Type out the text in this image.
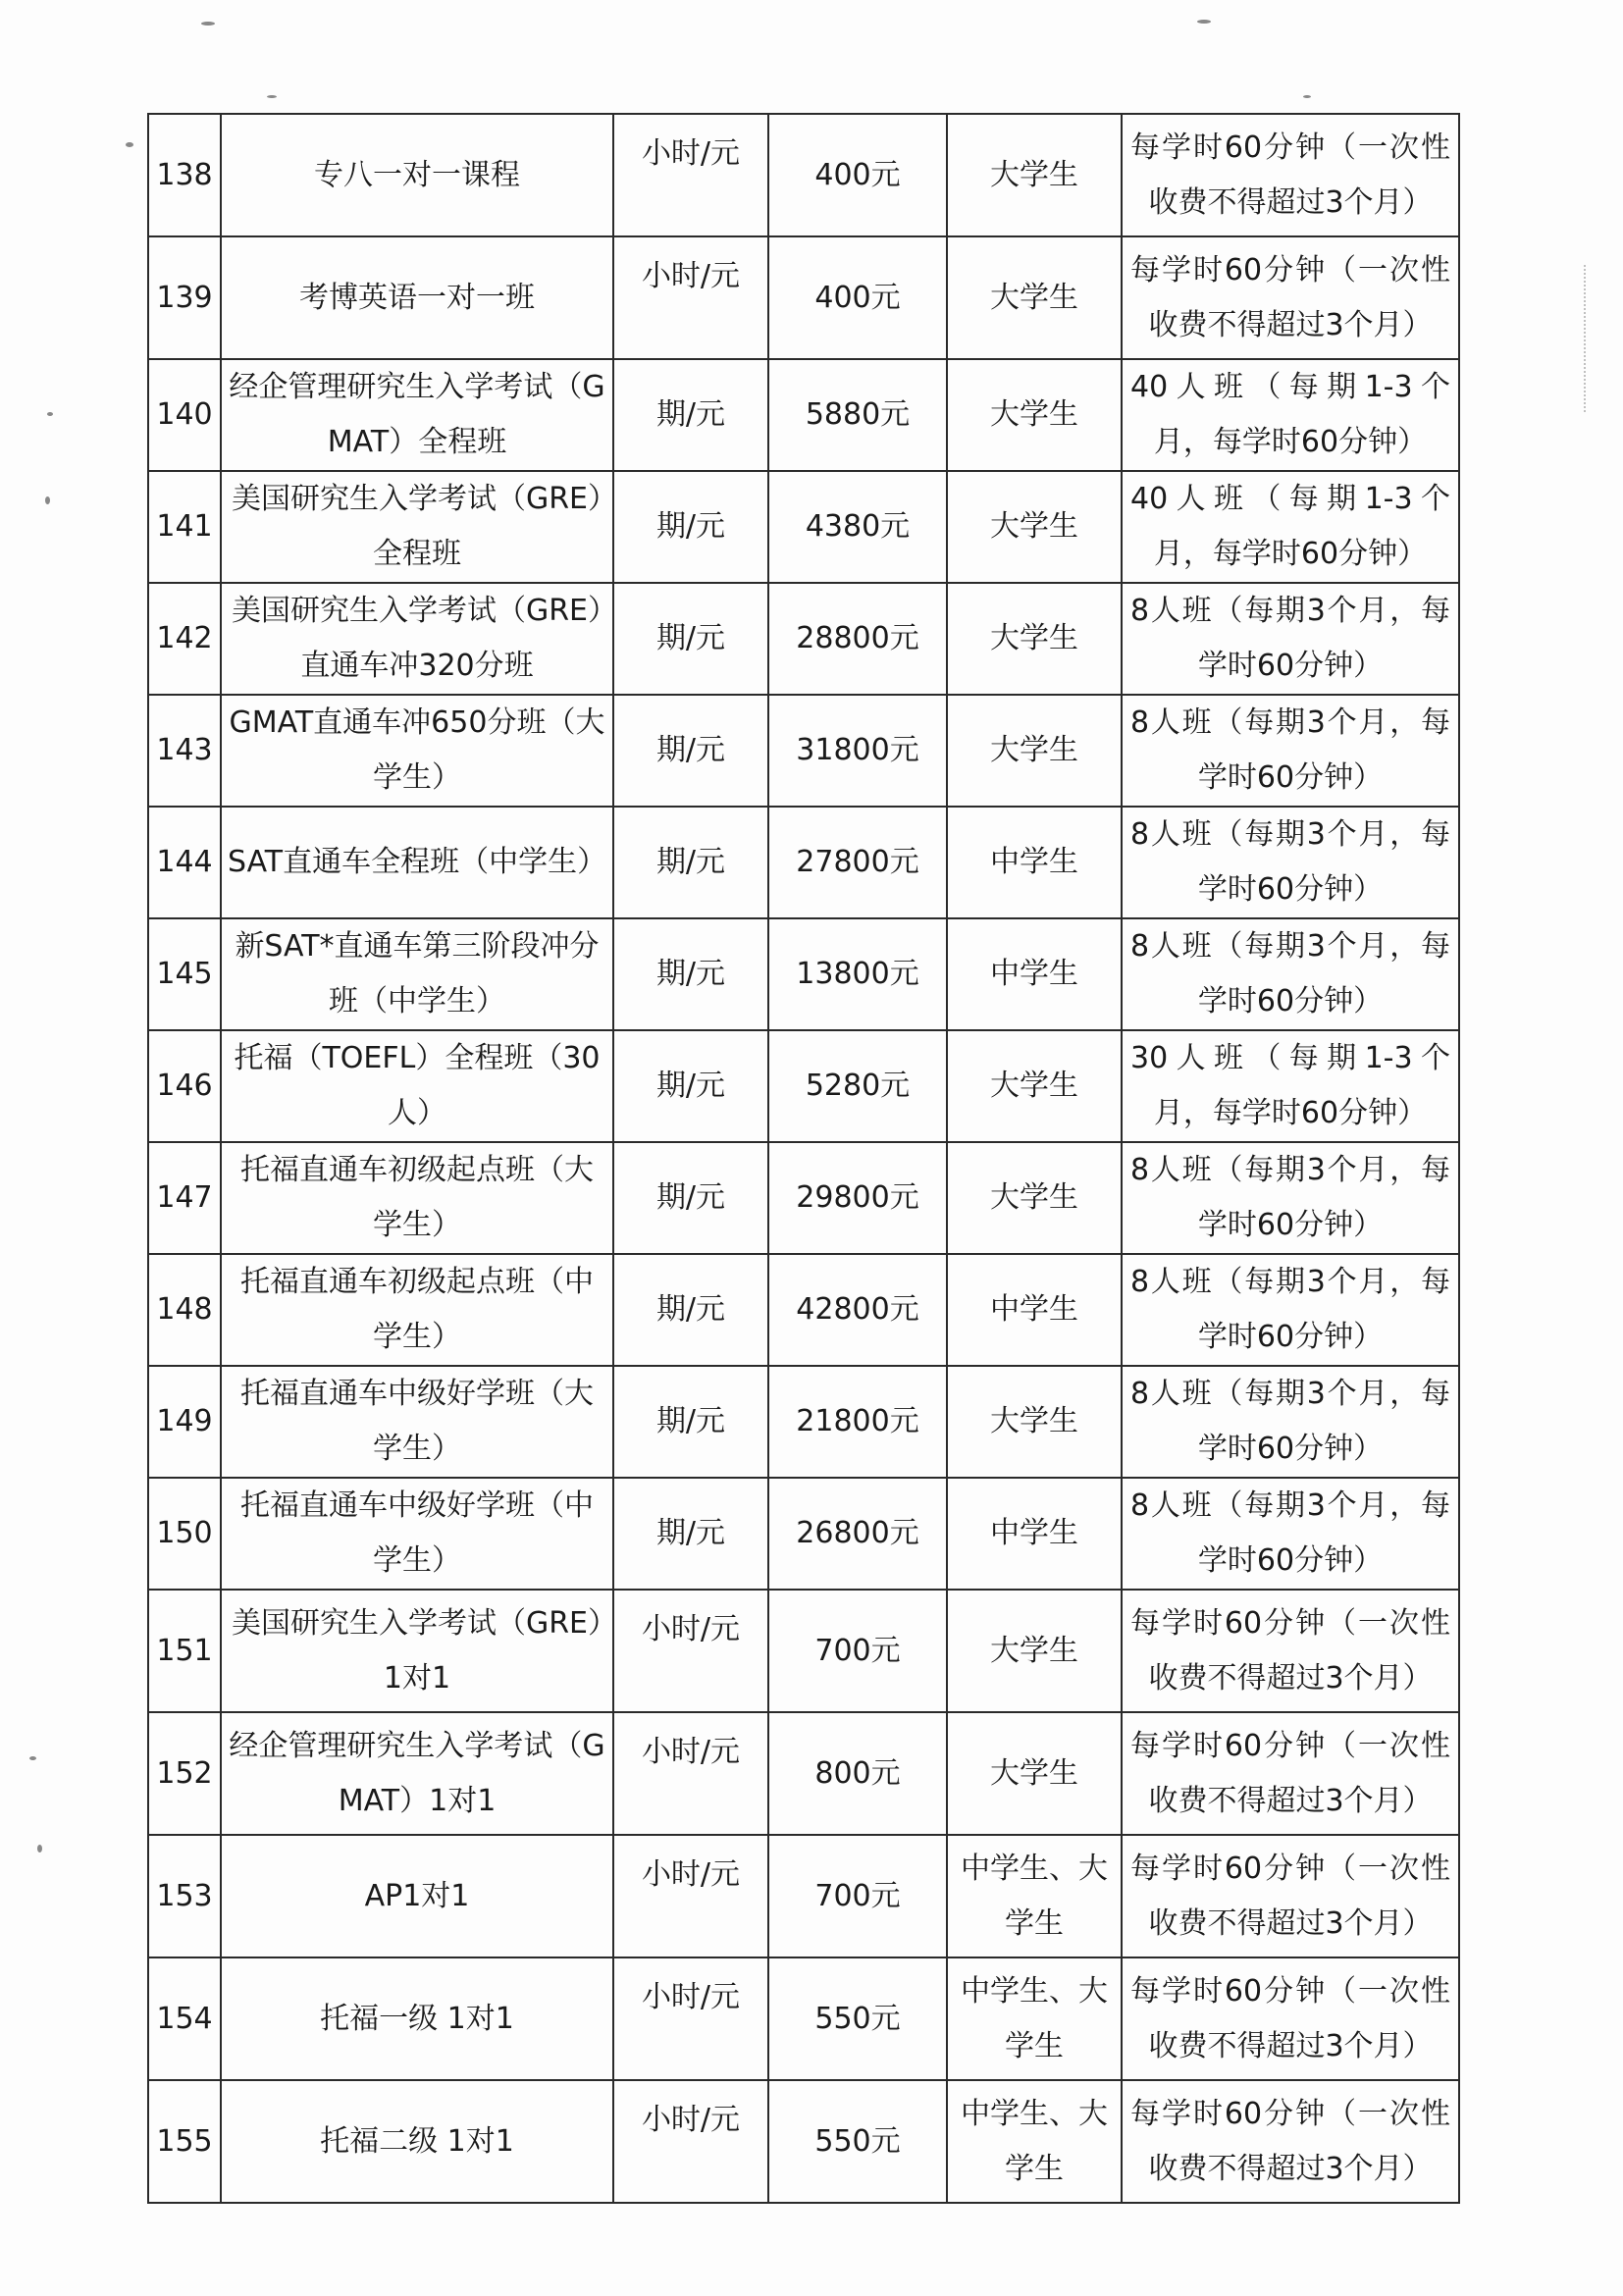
138	专八一对一课程	小时/元	400元	大学生	每学时60分钟（一次性收费不得超过3个月）
139	考博英语一对一班	小时/元	400元	大学生	每学时60分钟（一次性收费不得超过3个月）
140	经企管理研究生入学考试（GMAT）全程班	期/元	5880元	大学生	40人班（每期1-3个月，每学时60分钟）
141	美国研究生入学考试（GRE）全程班	期/元	4380元	大学生	40人班（每期1-3个月，每学时60分钟）
142	美国研究生入学考试（GRE）直通车冲320分班	期/元	28800元	大学生	8人班（每期3个月，每学时60分钟）
143	GMAT直通车冲650分班（大学生）	期/元	31800元	大学生	8人班（每期3个月，每学时60分钟）
144	SAT直通车全程班（中学生）	期/元	27800元	中学生	8人班（每期3个月，每学时60分钟）
145	新SAT*直通车第三阶段冲分班（中学生）	期/元	13800元	中学生	8人班（每期3个月，每学时60分钟）
146	托福（TOEFL）全程班（30人）	期/元	5280元	大学生	30人班（每期1-3个月，每学时60分钟）
147	托福直通车初级起点班（大学生）	期/元	29800元	大学生	8人班（每期3个月，每学时60分钟）
148	托福直通车初级起点班（中学生）	期/元	42800元	中学生	8人班（每期3个月，每学时60分钟）
149	托福直通车中级好学班（大学生）	期/元	21800元	大学生	8人班（每期3个月，每学时60分钟）
150	托福直通车中级好学班（中学生）	期/元	26800元	中学生	8人班（每期3个月，每学时60分钟）
151	美国研究生入学考试（GRE）1对1	小时/元	700元	大学生	每学时60分钟（一次性收费不得超过3个月）
152	经企管理研究生入学考试（GMAT）1对1	小时/元	800元	大学生	每学时60分钟（一次性收费不得超过3个月）
153	AP1对1	小时/元	700元	中学生、大学生	每学时60分钟（一次性收费不得超过3个月）
154	托福一级 1对1	小时/元	550元	中学生、大学生	每学时60分钟（一次性收费不得超过3个月）
155	托福二级 1对1	小时/元	550元	中学生、大学生	每学时60分钟（一次性收费不得超过3个月）
